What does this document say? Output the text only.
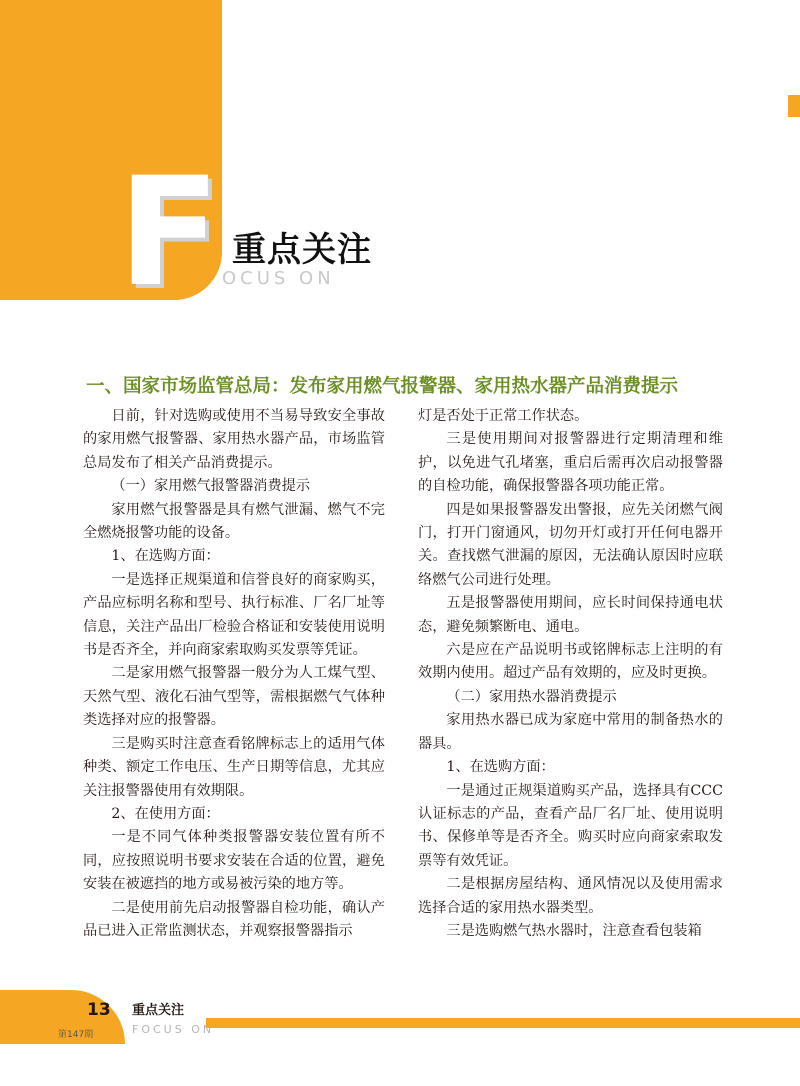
F 重点关注
OCUS ON
一、国家市场监管总局：发布家用燃气报警器、家用热水器产品消费提示

日前，针对选购或使用不当易导致安全事故的家用燃气报警器、家用热水器产品，市场监管总局发布了相关产品消费提示。

（一）家用燃气报警器消费提示

家用燃气报警器是具有燃气泄漏、燃气不完全燃烧报警功能的设备。

1、在选购方面：

一是选择正规渠道和信誉良好的商家购买，产品应标明名称和型号、执行标准、厂名厂址等信息，关注产品出厂检验合格证和安装使用说明书是否齐全，并向商家索取购买发票等凭证。

二是家用燃气报警器一般分为人工煤气型、天然气型、液化石油气型等，需根据燃气气体种类选择对应的报警器。

三是购买时注意查看铭牌标志上的适用气体种类、额定工作电压、生产日期等信息，尤其应关注报警器使用有效期限。

2、在使用方面：

一是不同气体种类报警器安装位置有所不同，应按照说明书要求安装在合适的位置，避免安装在被遮挡的地方或易被污染的地方等。

二是使用前先启动报警器自检功能，确认产品已进入正常监测状态，并观察报警器指示

灯是否处于正常工作状态。

三是使用期间对报警器进行定期清理和维护，以免进气孔堵塞，重启后需再次启动报警器的自检功能，确保报警器各项功能正常。

四是如果报警器发出警报，应先关闭燃气阀门，打开门窗通风，切勿开灯或打开任何电器开关。查找燃气泄漏的原因，无法确认原因时应联络燃气公司进行处理。

五是报警器使用期间，应长时间保持通电状态，避免频繁断电、通电。

六是应在产品说明书或铭牌标志上注明的有效期内使用。超过产品有效期的，应及时更换。

（二）家用热水器消费提示

家用热水器已成为家庭中常用的制备热水的器具。

1、在选购方面：

一是通过正规渠道购买产品，选择具有CCC认证标志的产品，查看产品厂名厂址、使用说明书、保修单等是否齐全。购买时应向商家索取发票等有效凭证。

二是根据房屋结构、通风情况以及使用需求选择合适的家用热水器类型。

三是选购燃气热水器时，注意查看包装箱

13
第147期
重点关注
FOCUS ON
